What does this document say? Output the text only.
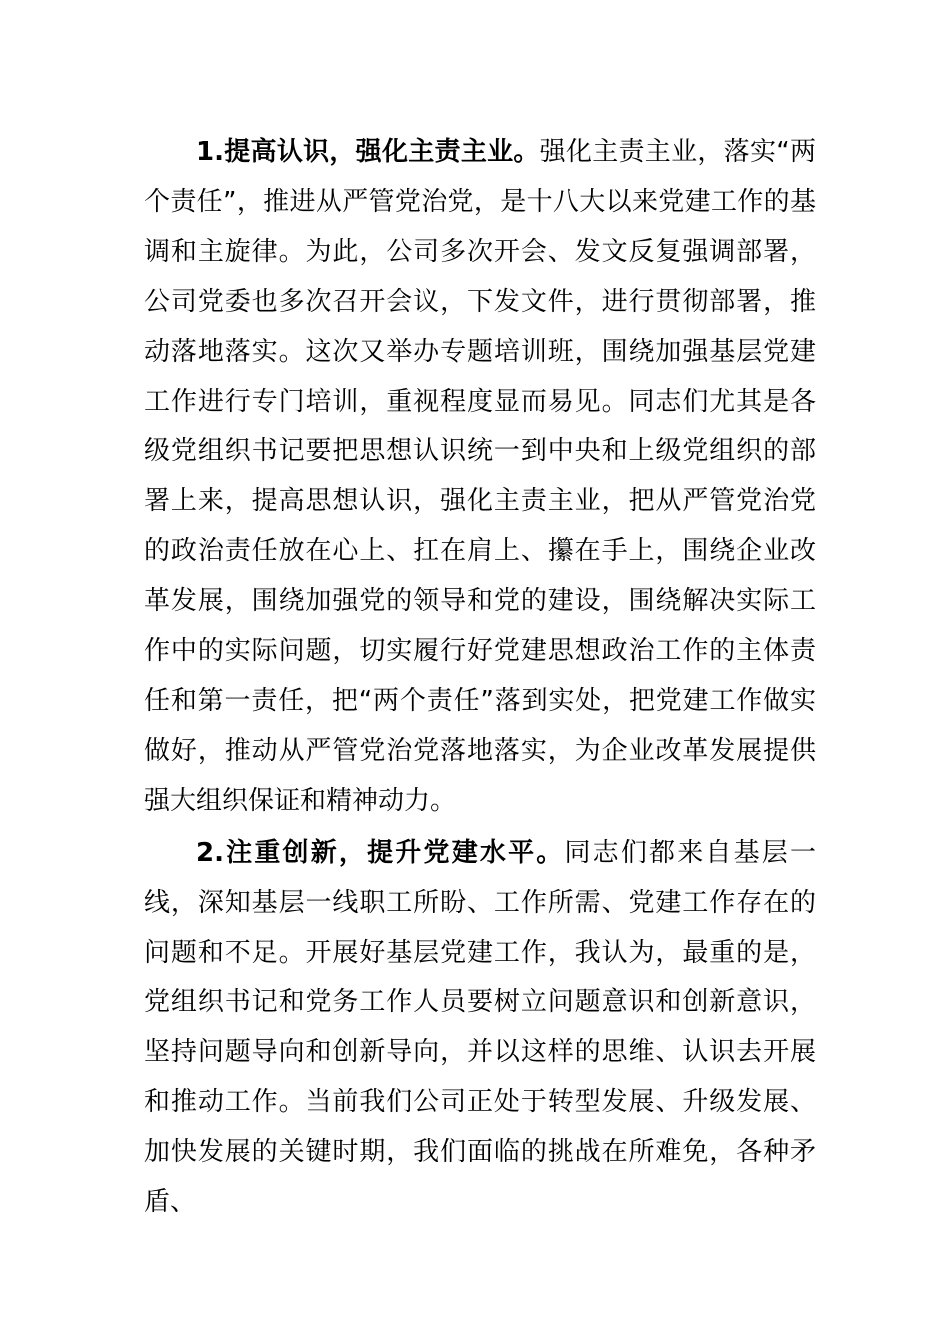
1.提高认识，强化主责主业。强化主责主业，落实“两个责任”，推进从严管党治党，是十八大以来党建工作的基调和主旋律。为此，公司多次开会、发文反复强调部署，公司党委也多次召开会议，下发文件，进行贯彻部署，推动落地落实。这次又举办专题培训班，围绕加强基层党建工作进行专门培训，重视程度显而易见。同志们尤其是各级党组织书记要把思想认识统一到中央和上级党组织的部署上来，提高思想认识，强化主责主业，把从严管党治党的政治责任放在心上、扛在肩上、攥在手上，围绕企业改革发展，围绕加强党的领导和党的建设，围绕解决实际工作中的实际问题，切实履行好党建思想政治工作的主体责任和第一责任，把“两个责任”落到实处，把党建工作做实做好，推动从严管党治党落地落实，为企业改革发展提供强大组织保证和精神动力。

2.注重创新，提升党建水平。同志们都来自基层一线，深知基层一线职工所盼、工作所需、党建工作存在的问题和不足。开展好基层党建工作，我认为，最重的是，党组织书记和党务工作人员要树立问题意识和创新意识，坚持问题导向和创新导向，并以这样的思维、认识去开展和推动工作。当前我们公司正处于转型发展、升级发展、加快发展的关键时期，我们面临的挑战在所难免，各种矛盾、
